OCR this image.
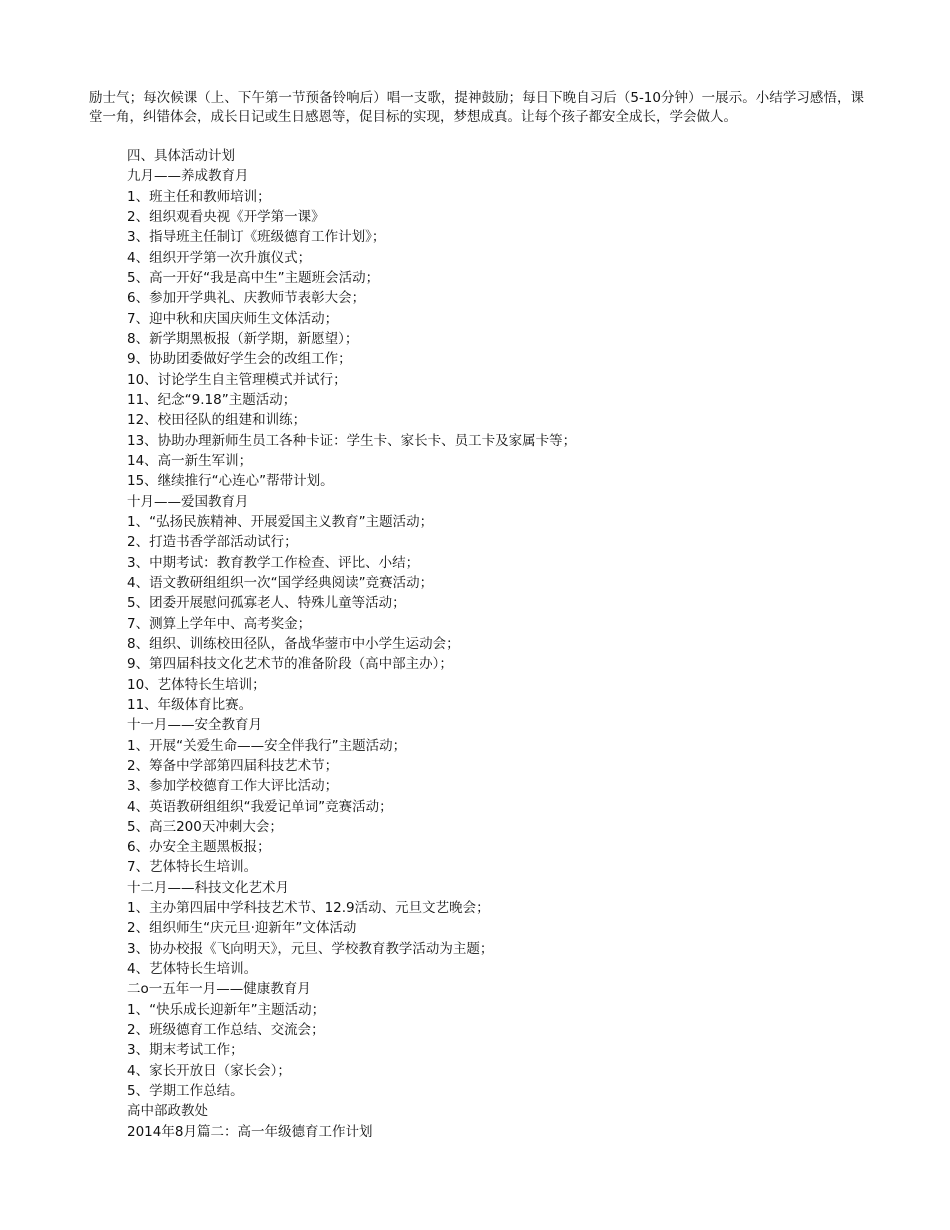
励士气；每次候课（上、下午第一节预备铃响后）唱一支歌，提神鼓励；每日下晚自习后（5-10分钟）一展示。小结学习感悟，课堂一角，纠错体会，成长日记或生日感恩等，促目标的实现，梦想成真。让每个孩子都安全成长，学会做人。

四、具体活动计划
九月——养成教育月
1、班主任和教师培训；
2、组织观看央视《开学第一课》
3、指导班主任制订《班级德育工作计划》；
4、组织开学第一次升旗仪式；
5、高一开好“我是高中生”主题班会活动；
6、参加开学典礼、庆教师节表彰大会；
7、迎中秋和庆国庆师生文体活动；
8、新学期黑板报（新学期，新愿望）；
9、协助团委做好学生会的改组工作；
10、讨论学生自主管理模式并试行；
11、纪念“9.18”主题活动；
12、校田径队的组建和训练；
13、协助办理新师生员工各种卡证：学生卡、家长卡、员工卡及家属卡等；
14、高一新生军训；
15、继续推行“心连心”帮带计划。
十月——爱国教育月
1、“弘扬民族精神、开展爱国主义教育”主题活动；
2、打造书香学部活动试行；
3、中期考试：教育教学工作检查、评比、小结；
4、语文教研组组织一次“国学经典阅读”竞赛活动；
5、团委开展慰问孤寡老人、特殊儿童等活动；
7、测算上学年中、高考奖金；
8、组织、训练校田径队，备战华蓥市中小学生运动会；
9、第四届科技文化艺术节的准备阶段（高中部主办）；
10、艺体特长生培训；
11、年级体育比赛。
十一月——安全教育月
1、开展“关爱生命——安全伴我行”主题活动；
2、筹备中学部第四届科技艺术节；
3、参加学校德育工作大评比活动；
4、英语教研组组织“我爱记单词”竞赛活动；
5、高三200天冲刺大会；
6、办安全主题黑板报；
7、艺体特长生培训。
十二月——科技文化艺术月
1、主办第四届中学科技艺术节、12.9活动、元旦文艺晚会；
2、组织师生“庆元旦·迎新年”文体活动
3、协办校报《飞向明天》，元旦、学校教育教学活动为主题；
4、艺体特长生培训。
二o一五年一月——健康教育月
1、“快乐成长迎新年”主题活动；
2、班级德育工作总结、交流会；
3、期末考试工作；
4、家长开放日（家长会）；
5、学期工作总结。
高中部政教处
2014年8月篇二：高一年级德育工作计划
